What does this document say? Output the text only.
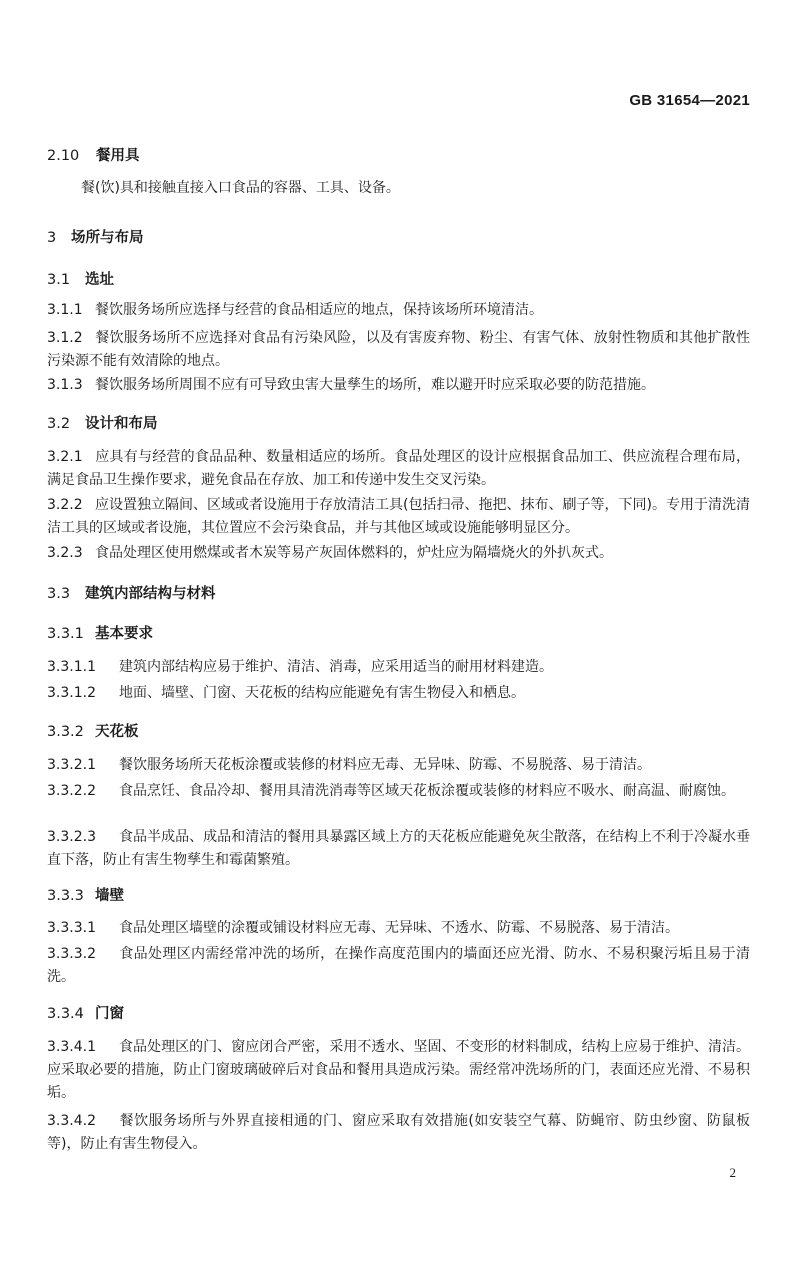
GB 31654—2021
2.10 餐用具
餐(饮)具和接触直接入口食品的容器、工具、设备。
3 场所与布局
3.1 选址
3.1.1 餐饮服务场所应选择与经营的食品相适应的地点，保持该场所环境清洁。
3.1.2 餐饮服务场所不应选择对食品有污染风险，以及有害废弃物、粉尘、有害气体、放射性物质和其他扩散性污染源不能有效清除的地点。
3.1.3 餐饮服务场所周围不应有可导致虫害大量孳生的场所，难以避开时应采取必要的防范措施。
3.2 设计和布局
3.2.1 应具有与经营的食品品种、数量相适应的场所。食品处理区的设计应根据食品加工、供应流程合理布局，满足食品卫生操作要求，避免食品在存放、加工和传递中发生交叉污染。
3.2.2 应设置独立隔间、区域或者设施用于存放清洁工具(包括扫帚、拖把、抹布、刷子等，下同)。专用于清洗清洁工具的区域或者设施，其位置应不会污染食品，并与其他区域或设施能够明显区分。
3.2.3 食品处理区使用燃煤或者木炭等易产灰固体燃料的，炉灶应为隔墙烧火的外扒灰式。
3.3 建筑内部结构与材料
3.3.1 基本要求
3.3.1.1 建筑内部结构应易于维护、清洁、消毒，应采用适当的耐用材料建造。
3.3.1.2 地面、墙壁、门窗、天花板的结构应能避免有害生物侵入和栖息。
3.3.2 天花板
3.3.2.1 餐饮服务场所天花板涂覆或装修的材料应无毒、无异味、防霉、不易脱落、易于清洁。
3.3.2.2 食品烹饪、食品冷却、餐用具清洗消毒等区域天花板涂覆或装修的材料应不吸水、耐高温、耐腐蚀。
3.3.2.3 食品半成品、成品和清洁的餐用具暴露区域上方的天花板应能避免灰尘散落，在结构上不利于冷凝水垂直下落，防止有害生物孳生和霉菌繁殖。
3.3.3 墙壁
3.3.3.1 食品处理区墙壁的涂覆或铺设材料应无毒、无异味、不透水、防霉、不易脱落、易于清洁。
3.3.3.2 食品处理区内需经常冲洗的场所，在操作高度范围内的墙面还应光滑、防水、不易积聚污垢且易于清洗。
3.3.4 门窗
3.3.4.1 食品处理区的门、窗应闭合严密，采用不透水、坚固、不变形的材料制成，结构上应易于维护、清洁。应采取必要的措施，防止门窗玻璃破碎后对食品和餐用具造成污染。需经常冲洗场所的门，表面还应光滑、不易积垢。
3.3.4.2 餐饮服务场所与外界直接相通的门、窗应采取有效措施(如安装空气幕、防蝇帘、防虫纱窗、防鼠板等)，防止有害生物侵入。
2
